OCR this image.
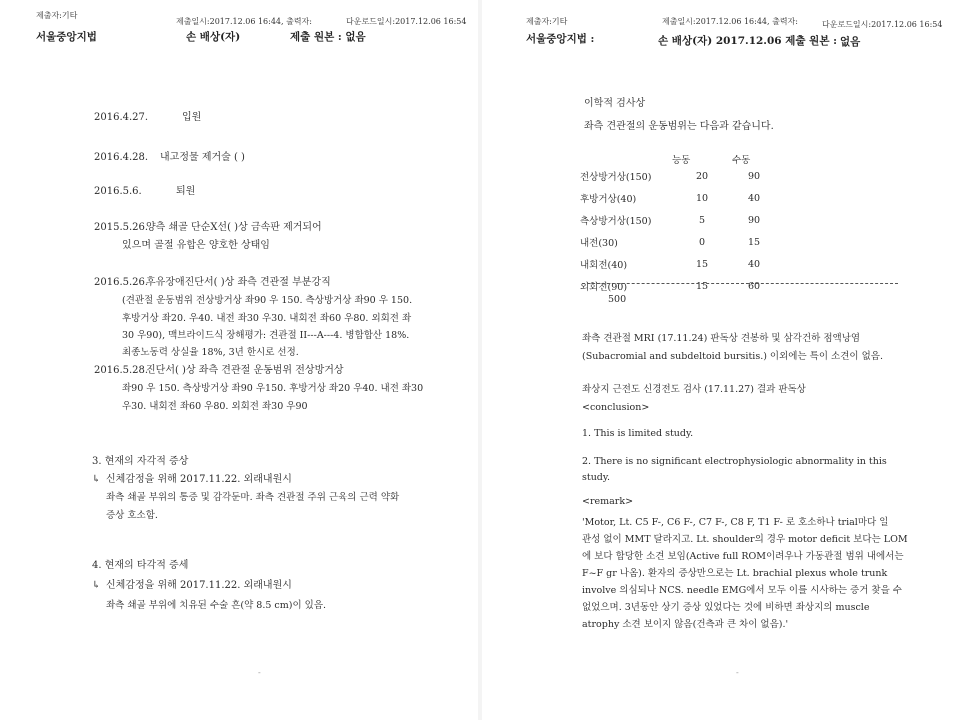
제출자:기타
제출일시:2017.12.06 16:44, 출력자:	다운로드일시:2017.12.06 16:54
서울중앙지법	손 배상(자)	제출 원본 : 없음
2016.4.27.	입원
2016.4.28. 내고정물 제거술 ( )
2016.5.6.	퇴원
2015.5.26.
양측 쇄골 단순X선( )상 금속판 제거되어
있으며 골절 유합은 양호한 상태임
2016.5.26.
후유장애진단서( )상 좌측 견관절 부분강직
(견관절 운동범위 전상방거상 좌90 우 150. 측상방거상 좌90 우 150.
후방거상 좌20. 우40. 내전 좌30 우30. 내회전 좌60 우80. 외회전 좌
30 우90), 맥브라이드식 장해평가: 견관절 II---A---4. 병합합산 18%.
최종노동력 상실율 18%, 3년 한시로 선정.
2016.5.28.
진단서( )상 좌측 견관절 운동범위 전상방거상
좌90 우 150. 측상방거상 좌90 우150. 후방거상 좌20 우40. 내전 좌30
우30. 내회전 좌60 우80. 외회전 좌30 우90
3. 현재의 자각적 증상
↳ 신체감정을 위해 2017.11.22. 외래내원시
좌측 쇄골 부위의 통증 및 감각둔마. 좌측 견관절 주위 근육의 근력 약화
증상 호소함.
4. 현재의 타각적 증세
↳ 신체감정을 위해 2017.11.22. 외래내원시
좌측 쇄골 부위에 치유된 수술 흔(약 8.5 cm)이 있음.
-
제출자:기타	제출일시:2017.12.06 16:44, 출력자:	다운로드일시:2017.12.06 16:54
서울중앙지법 :	손 배상(자) 2017.12.06 제출 원본 : 없음
이학적 검사상
좌측 견관절의 운동범위는 다음과 같습니다.
능동	수동
전상방거상(150)	20	90
후방거상(40)	10	40
측상방거상(150)	5	90
내전(30)	0	15
내회전(40)	15	40
외회전(90)	15	60
500
좌측 견관절 MRI (17.11.24) 판독상 견봉하 및 삼각건하 점액낭염
(Subacromial and subdeltoid bursitis.) 이외에는 특이 소견이 없음.
좌상지 근전도 신경전도 검사 (17.11.27) 결과 판독상
<conclusion>
1. This is limited study.
2. There is no significant electrophysiologic abnormality in this
study.
<remark>
'Motor, Lt. C5 F-, C6 F-, C7 F-, C8 F, T1 F- 로 호소하나 trial마다 일
관성 없이 MMT 달라지고. Lt. shoulder의 경우 motor deficit 보다는 LOM
에 보다 합당한 소견 보임(Active full ROM이려우나 가동관절 범위 내에서는
F~F gr 나옴). 환자의 증상만으로는 Lt. brachial plexus whole trunk
involve 의심되나 NCS. needle EMG에서 모두 이를 시사하는 증거 찾을 수
없었으며. 3년동안 상기 증상 있었다는 것에 비하면 좌상지의 muscle
atrophy 소견 보이지 않음(건측과 큰 차이 없음).'
-
